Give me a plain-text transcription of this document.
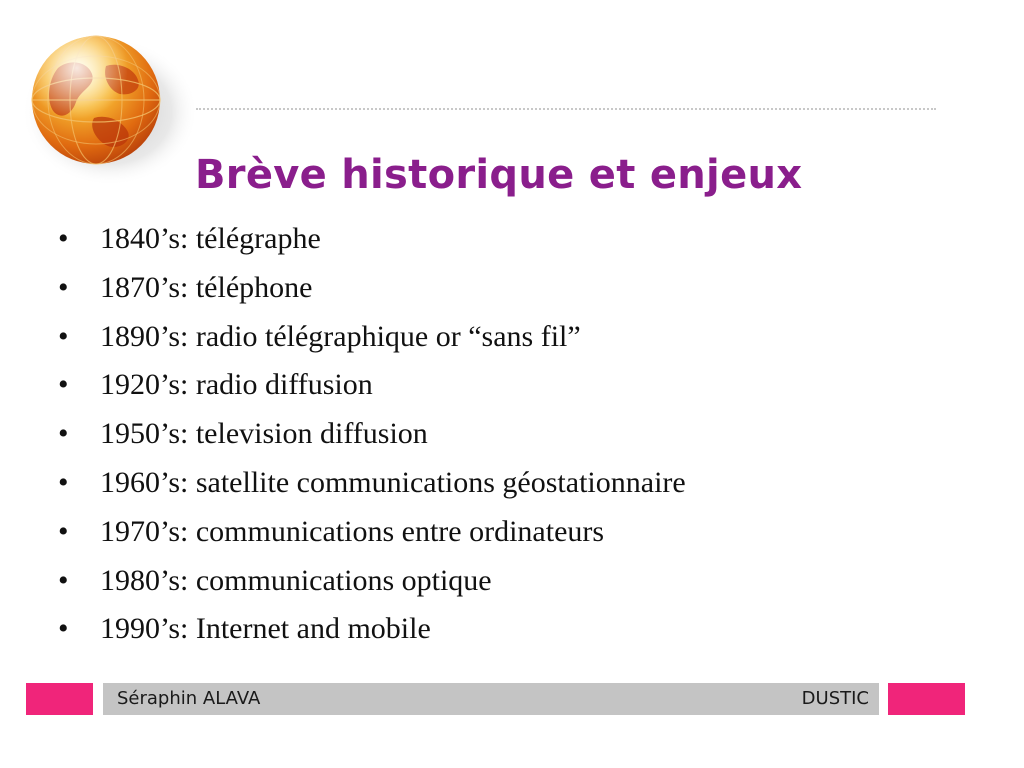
Brève historique et enjeux
•	1840’s: télégraphe
•	1870’s: téléphone
•	1890’s: radio télégraphique or “sans fil”
•	1920’s: radio diffusion
•	1950’s: television diffusion
•	1960’s: satellite communications géostationnaire
•	1970’s: communications entre ordinateurs
•	1980’s: communications optique
•	1990’s: Internet and mobile
Séraphin ALAVA	DUSTIC
